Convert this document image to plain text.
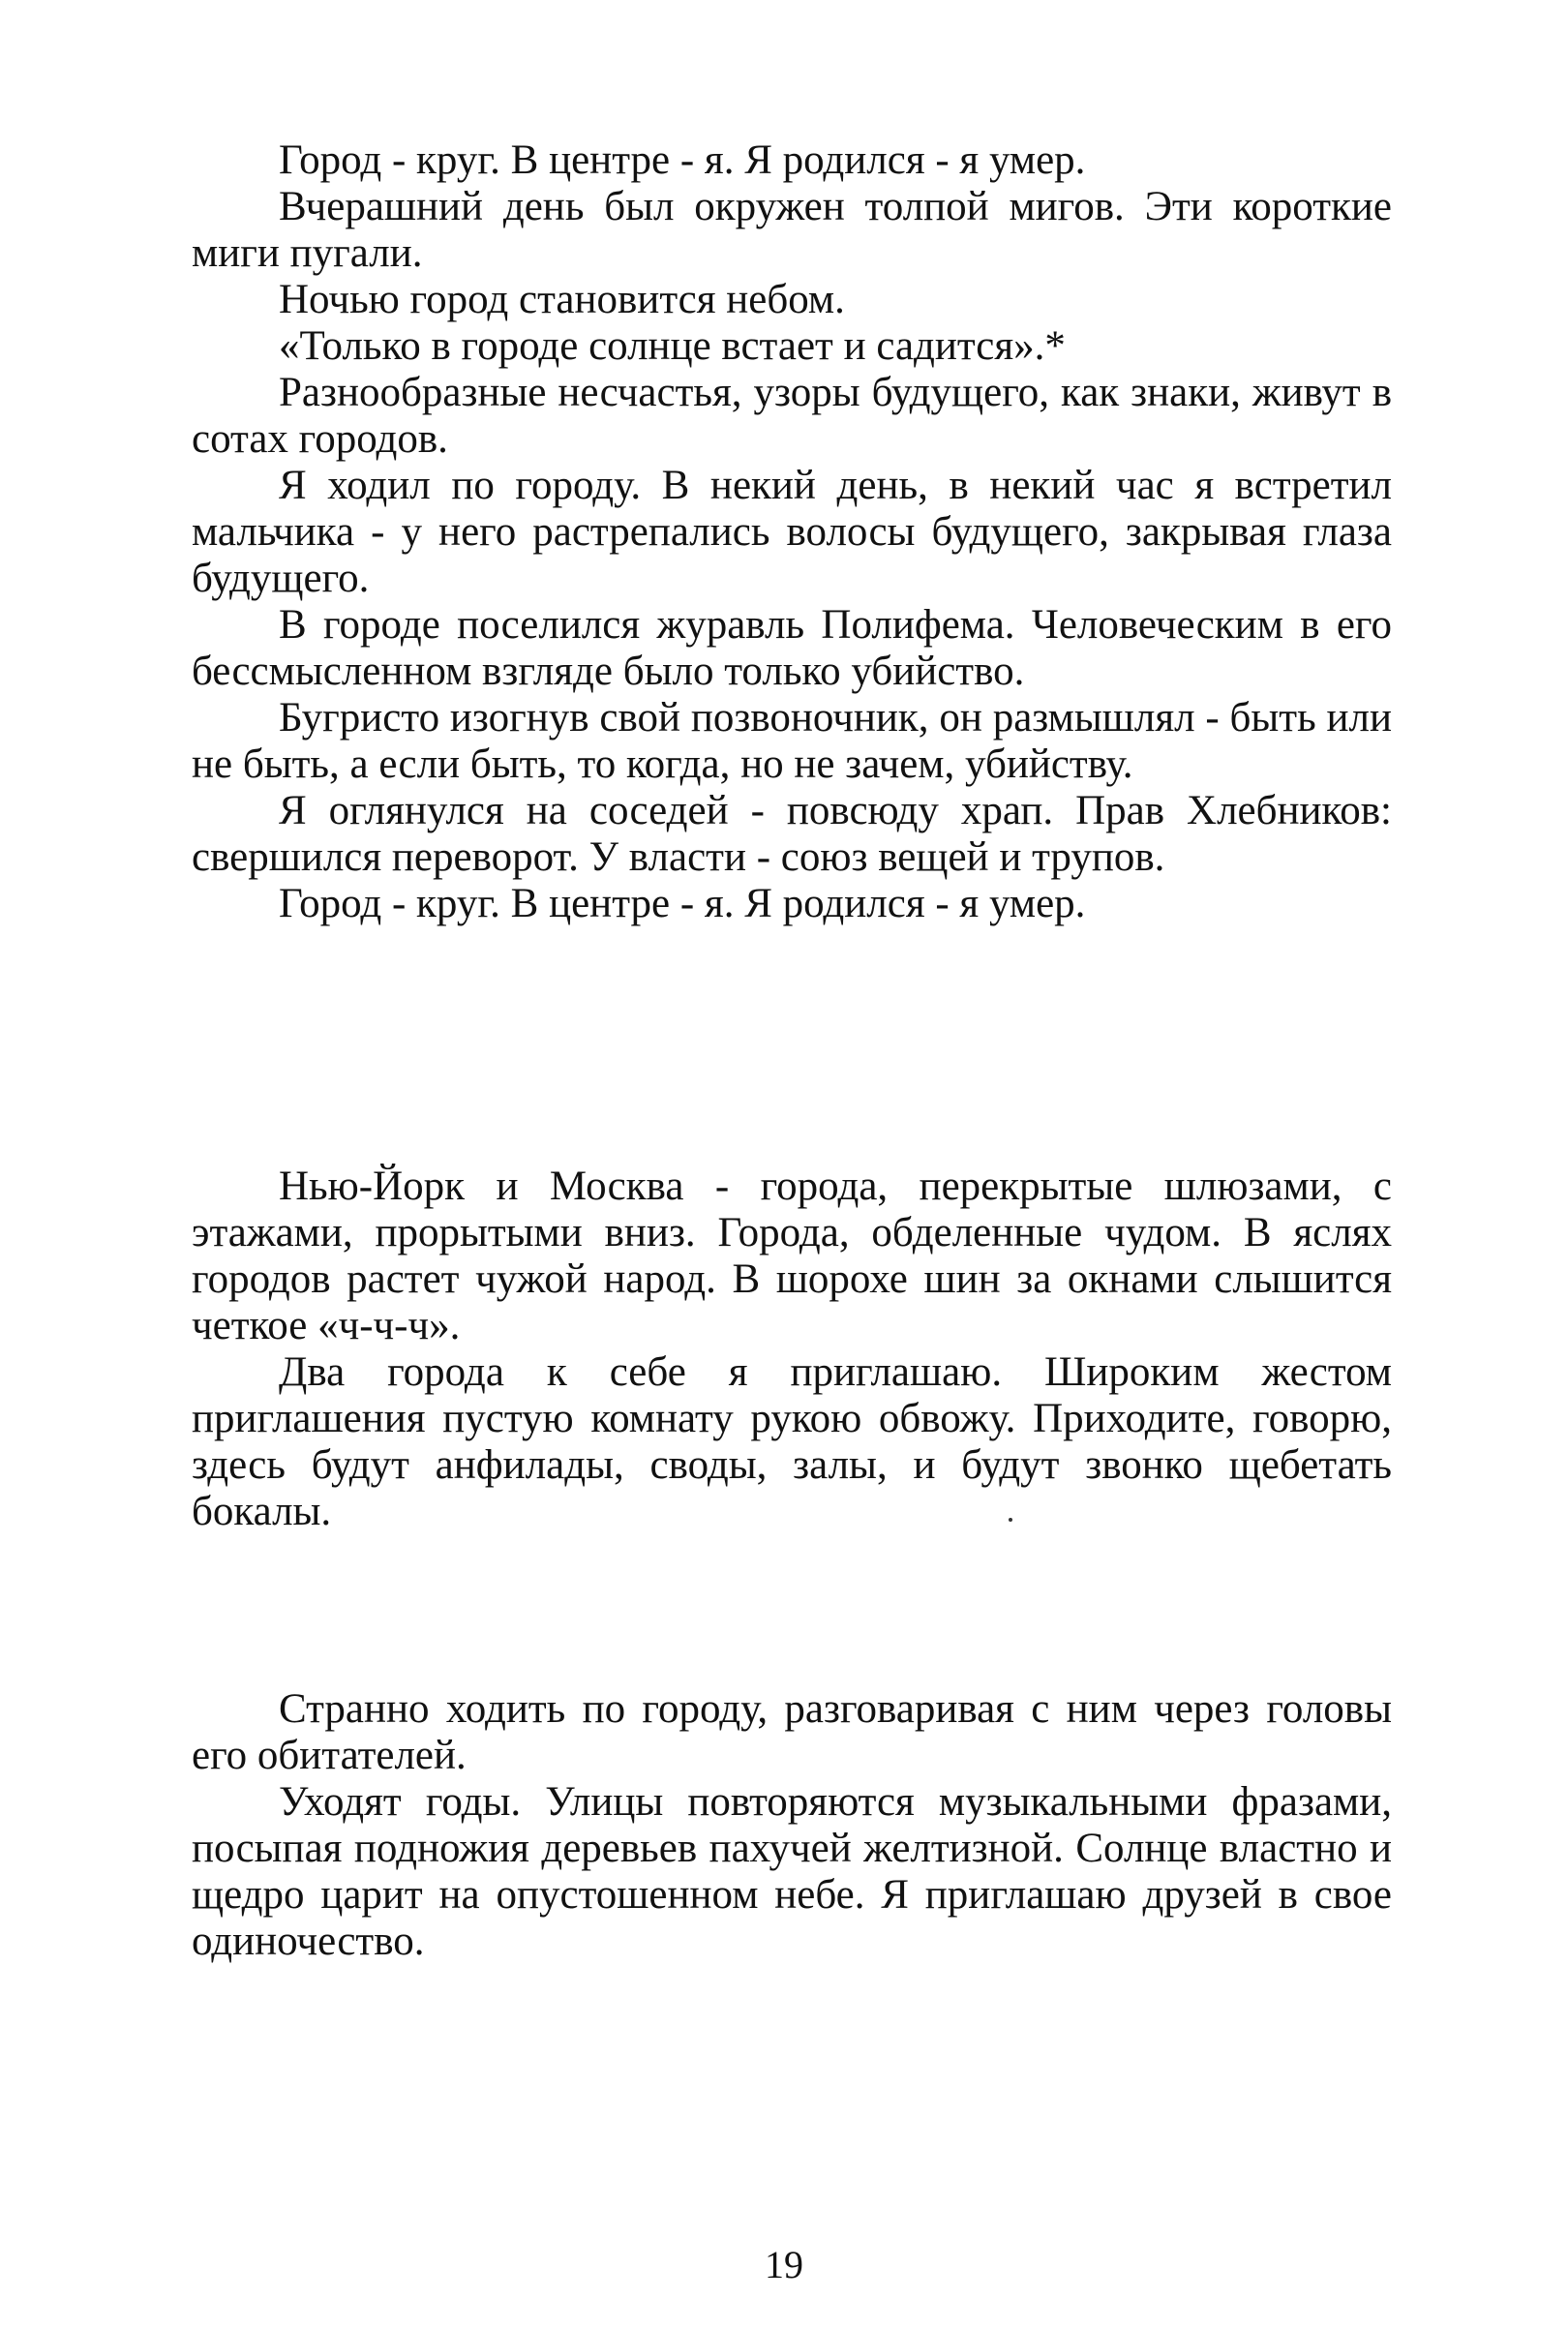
Город - круг. В центре - я. Я родился - я умер.

Вчерашний день был окружен толпой мигов. Эти короткие миги пугали.

Ночью город становится небом.

«Только в городе солнце встает и садится».*

Разнообразные несчастья, узоры будущего, как знаки, живут в сотах городов.

Я ходил по городу. В некий день, в некий час я встретил мальчика - у него растрепались волосы будущего, закрывая глаза будущего.

В городе поселился журавль Полифема. Человеческим в его бессмысленном взгляде было только убийство.

Бугристо изогнув свой позвоночник, он размышлял - быть или не быть, а если быть, то когда, но не зачем, убийству.

Я оглянулся на соседей - повсюду храп. Прав Хлебников: свершился переворот. У власти - союз вещей и трупов.

Город - круг. В центре - я. Я родился - я умер.

Нью-Йорк и Москва - города, перекрытые шлюзами, с этажами, прорытыми вниз. Города, обделенные чудом. В яслях городов растет чужой народ. В шорохе шин за окнами слышится четкое «ч-ч-ч».

Два города к себе я приглашаю. Широким жестом приглашения пустую комнату рукою обвожу. Приходите, говорю, здесь будут анфилады, своды, залы, и будут звонко щебетать бокалы.

Странно ходить по городу, разговаривая с ним через головы его обитателей.

Уходят годы. Улицы повторяются музыкальными фразами, посыпая подножия деревьев пахучей желтизной. Солнце властно и щедро царит на опустошенном небе. Я приглашаю друзей в свое одиночество.

19
